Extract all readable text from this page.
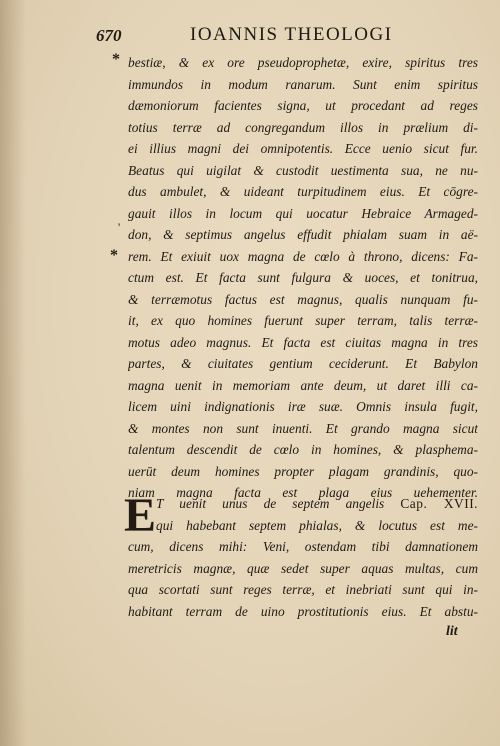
670	IOANNIS THEOLOGI
*
'
*
bestiæ, & ex ore pseudoprophetæ, exire, spiritus tres
immundos in modum ranarum. Sunt enim spiritus
dæmoniorum facientes signa, ut procedant ad reges
totius terræ ad congregandum illos in prælium di-
ei illius magni dei omnipotentis. Ecce uenio sicut fur.
Beatus qui uigilat & custodit uestimenta sua, ne nu-
dus ambulet, & uideant turpitudinem eius. Et cōgre-
gauit illos in locum qui uocatur Hebraice Armaged-
don, & septimus angelus effudit phialam suam in aë-
rem. Et exiuit uox magna de cœlo à throno, dicens: Fa-
ctum est. Et facta sunt fulgura & uoces, et tonitrua,
& terræmotus factus est magnus, qualis nunquam fu-
it, ex quo homines fuerunt super terram, talis terræ-
motus adeo magnus. Et facta est ciuitas magna in tres
partes, & ciuitates gentium ceciderunt. Et Babylon
magna uenit in memoriam ante deum, ut daret illi ca-
licem uini indignationis iræ suæ. Omnis insula fugit,
& montes non sunt inuenti. Et grando magna sicut
talentum descendit de cœlo in homines, & plasphema-
uerūt deum homines propter plagam grandinis, quo-
niam magna facta est plaga eius uehementer.
E T uenit unus de septem angelis Cap. XVII.
qui habebant septem phialas, & locutus est me-
cum, dicens mihi: Veni, ostendam tibi damnationem
meretricis magnæ, quæ sedet super aquas multas, cum
qua scortati sunt reges terræ, et inebriati sunt qui in-
habitant terram de uino prostitutionis eius. Et abstu-
lit
